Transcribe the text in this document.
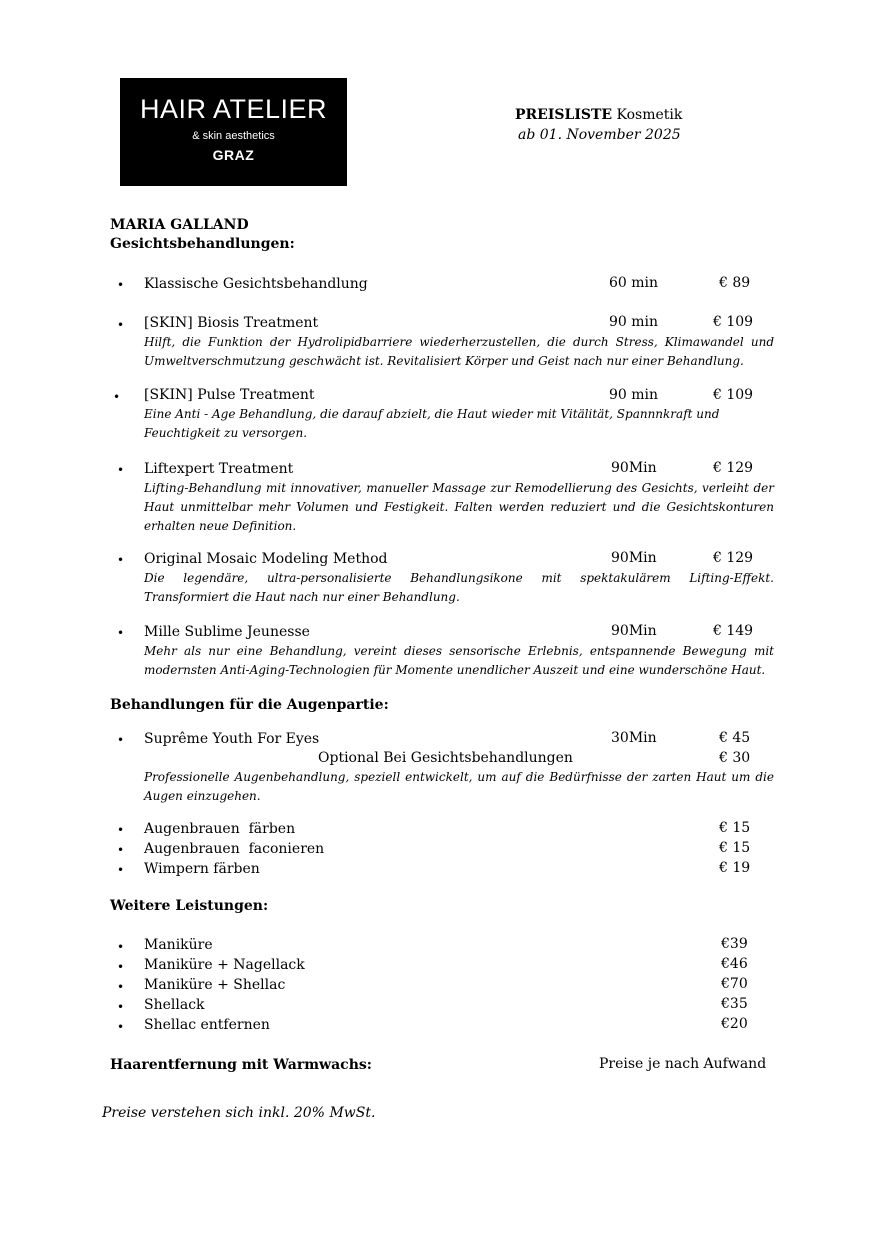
HAIR ATELIER
& skin aesthetics
GRAZ
PREISLISTE Kosmetik
ab 01. November 2025
MARIA GALLAND
Gesichtsbehandlungen:
• Klassische Gesichtsbehandlung	60 min	€ 89
• [SKIN] Biosis Treatment	90 min	€ 109
Hilft, die Funktion der Hydrolipidbarriere wiederherzustellen, die durch Stress, Klimawandel und
Umweltverschmutzung geschwächt ist. Revitalisiert Körper und Geist nach nur einer Behandlung.
• [SKIN] Pulse Treatment	90 min	€ 109
Eine Anti - Age Behandlung, die darauf abzielt, die Haut wieder mit Vitälität, Spannnkraft und
Feuchtigkeit zu versorgen.
• Liftexpert Treatment	90Min	€ 129
Lifting-Behandlung mit innovativer, manueller Massage zur Remodellierung des Gesichts, verleiht der
Haut unmittelbar mehr Volumen und Festigkeit. Falten werden reduziert und die Gesichtskonturen
erhalten neue Definition.
• Original Mosaic Modeling Method	90Min	€ 129
Die legendäre, ultra-personalisierte Behandlungsikone mit spektakulärem Lifting-Effekt.
Transformiert die Haut nach nur einer Behandlung.
• Mille Sublime Jeunesse	90Min	€ 149
Mehr als nur eine Behandlung, vereint dieses sensorische Erlebnis, entspannende Bewegung mit
modernsten Anti-Aging-Technologien für Momente unendlicher Auszeit und eine wunderschöne Haut.
Behandlungen für die Augenpartie:
• Suprême Youth For Eyes	30Min	€ 45
Optional Bei Gesichtsbehandlungen	€ 30
Professionelle Augenbehandlung, speziell entwickelt, um auf die Bedürfnisse der zarten Haut um die
Augen einzugehen.
• Augenbrauen  färben	€ 15
• Augenbrauen  faconieren	€ 15
• Wimpern färben	€ 19
Weitere Leistungen:
• Maniküre	€39
• Maniküre + Nagellack	€46
• Maniküre + Shellac	€70
• Shellack	€35
• Shellac entfernen	€20
Haarentfernung mit Warmwachs:	Preise je nach Aufwand
Preise verstehen sich inkl. 20% MwSt.
